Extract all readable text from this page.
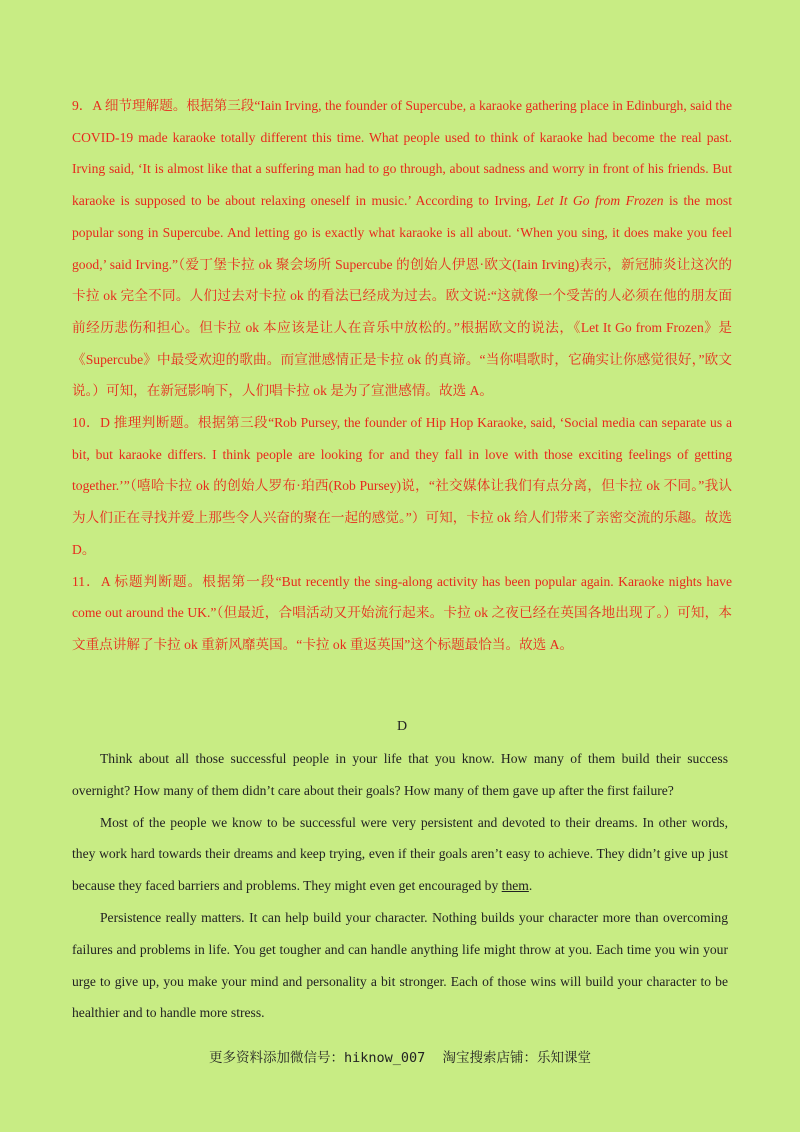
9．A 细节理解题。根据第三段“Iain Irving, the founder of Supercube, a karaoke gathering place in Edinburgh, said the COVID-19 made karaoke totally different this time. What people used to think of karaoke had become the real past. Irving said, ‘It is almost like that a suffering man had to go through, about sadness and worry in front of his friends. But karaoke is supposed to be about relaxing oneself in music.’ According to Irving, Let It Go from Frozen is the most popular song in Supercube. And letting go is exactly what karaoke is all about. ‘When you sing, it does make you feel good,’ said Irving.”（爱丁堡卡拉 ok 聚会场所 Supercube 的创始人伊恩·欧文(Iain Irving)表示，新冠肺炎让这次的卡拉 ok 完全不同。人们过去对卡拉 ok 的看法已经成为过去。欧文说:“这就像一个受苦的人必须在他的朋友面前经历悲伤和担心。但卡拉 ok 本应该是让人在音乐中放松的。”根据欧文的说法，《Let It Go from Frozen》是《Supercube》中最受欢迎的歌曲。而宣泄感情正是卡拉 ok 的真谛。“当你唱歌时，它确实让你感觉很好，”欧文说。）可知，在新冠影响下，人们唱卡拉 ok 是为了宣泄感情。故选 A。

10．D 推理判断题。根据第三段“Rob Pursey, the founder of Hip Hop Karaoke, said, ‘Social media can separate us a bit, but karaoke differs. I think people are looking for and they fall in love with those exciting feelings of getting together.’”（嘻哈卡拉 ok 的创始人罗布·珀西(Rob Pursey)说，“社交媒体让我们有点分离，但卡拉 ok 不同。”我认为人们正在寻找并爱上那些令人兴奋的聚在一起的感觉。”）可知，卡拉 ok 给人们带来了亲密交流的乐趣。故选 D。

11．A 标题判断题。根据第一段“But recently the sing-along activity has been popular again. Karaoke nights have come out around the UK.”（但最近，合唱活动又开始流行起来。卡拉 ok 之夜已经在英国各地出现了。）可知，本文重点讲解了卡拉 ok 重新风靡英国。“卡拉 ok 重返英国”这个标题最恰当。故选 A。

D

Think about all those successful people in your life that you know. How many of them build their success overnight? How many of them didn’t care about their goals? How many of them gave up after the first failure?

Most of the people we know to be successful were very persistent and devoted to their dreams. In other words, they work hard towards their dreams and keep trying, even if their goals aren’t easy to achieve. They didn’t give up just because they faced barriers and problems. They might even get encouraged by them.

Persistence really matters. It can help build your character. Nothing builds your character more than overcoming failures and problems in life. You get tougher and can handle anything life might throw at you. Each time you win your urge to give up, you make your mind and personality a bit stronger. Each of those wins will build your character to be healthier and to handle more stress.

更多资料添加微信号：hiknow_007 淘宝搜索店铺：乐知课堂
